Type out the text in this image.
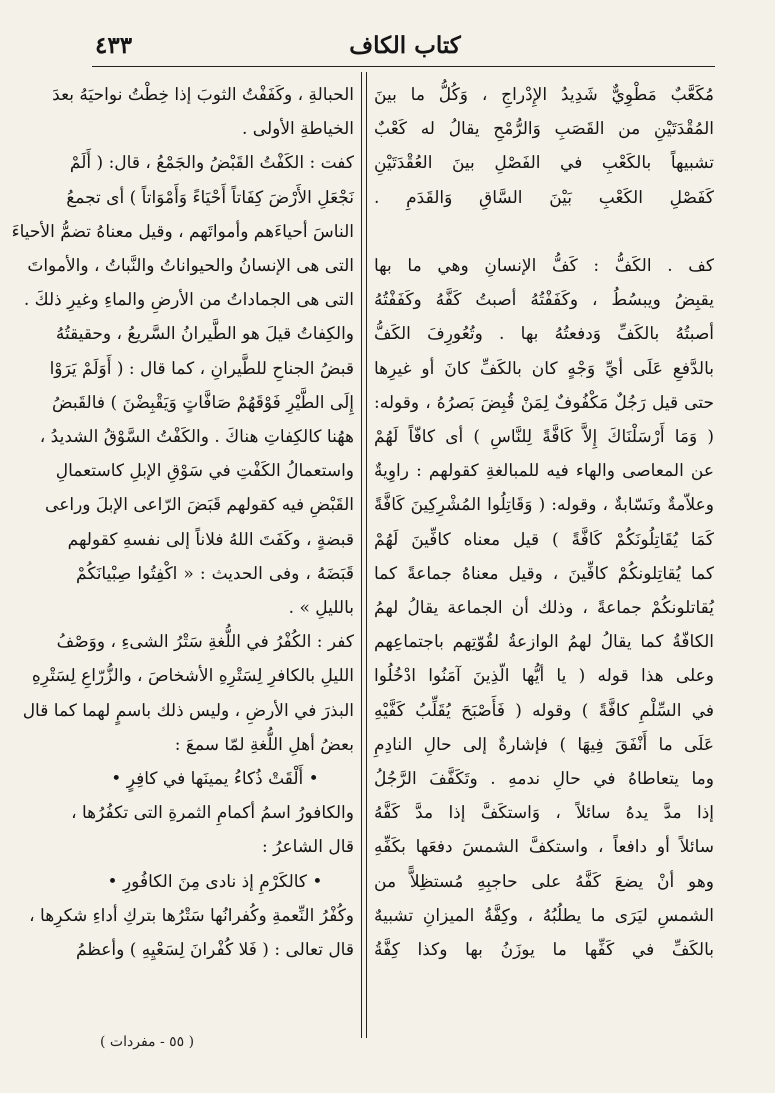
كتاب الكاف
٤٣٣
مُكَعَّبٌ مَطْوِيٌّ شَدِيدُ الإِدْراجِ ، وَكُلُّ ما بينَ
المُقْدَتَيْنِ من القَصَبِ وَالرُّمْحِ يقالُ له كَعْبٌ
تشبيهاً بالكَعْبِ في الفَصْلِ بينَ العُقْدَتَيْنِ
كَفَصْلِ الكَعْبِ بَيْنَ السَّاقِ وَالقَدَمِ .

كف . الكَفُّ : كَفُّ الإنسانِ وهي ما بها
يقبِضُ ويبسُطُ ، وكَفَفْتُهُ أصبتُ كَفَّهُ وكَفَفْتُهُ
أصبتُهُ بالكَفِّ وَدفعتُهُ بها . وتُعُورِفَ الكَفُّ
بالدَّفعِ عَلَى أيِّ وَجْهٍ كان بالكَفِّ كانَ أو غيرِها
حتى قيل رَجُلٌ مَكْفُوفٌ لِمَنْ قُبِضَ بَصرُهُ ، وقوله:
( وَمَا أَرْسَلْنَاكَ إِلاَّ كَافَّةً لِلنَّاسِ ) أى كافّاً لَهُمْ
عن المعاصى والهاء فيه للمبالغةِ كقولهم : راوِيةٌ
وعلاّمةٌ ونَسّابةٌ ، وقوله: ( وَقَاتِلُوا المُشْرِكِينَ كَافَّةً
كَمَا يُقَاتِلُونَكُمْ كَافَّةً ) قيل معناه كافِّينَ لَهُمْ
كما يُقاتِلونكُمْ كافِّينَ ، وقيل معناهُ جماعةً كما
يُقاتلونكُمْ جماعةً ، وذلك أن الجماعة يقالُ لهمُ
الكافّةُ كما يقالُ لهمُ الوازعةُ لقُوّتِهم باجتماعِهم
وعلى هذا قوله ( يا أيُّها الّذِينَ آمَنُوا ادْخُلُوا
في السِّلْمِ كافَّةً ) وقوله ( فَأَصْبَحَ يُقَلِّبُ كَفَّيْهِ
عَلَى ما أَنْفَقَ فِيهَا ) فإشارةٌ إلى حالِ النادِمِ
وما يتعاطاهُ في حالِ ندمهِ . وتَكَفَّفَ الرَّجُلُ
إذا مدَّ يدهُ سائلاً ، وَاستكَفَّ إذا مدَّ كَفَّهُ
سائلاً أو دافعاً ، واستكفَّ الشمسَ دفعَها بكَفِّهِ
وهو أنْ يضعَ كَفَّهُ على حاجبِهِ مُستظِلاًّ من
الشمسِ ليَرَى ما يطلُبُهُ ، وكِفَّةُ الميزانِ تشبيهٌ
بالكَفِّ في كَفِّها ما يوزَنُ بها وكذا كِفَّةُ
الحبالةِ ، وكَفَفْتُ الثوبَ إذا خِطْتُ نواحيَهُ بعدَ
الخياطةِ الأولى .
كفت : الكَفْتُ القَبْضُ والجَمْعُ ، قال: ( أَلَمْ
نَجْعَلِ الأَرْضَ كِفَاتاً أَحْيَاءً وَأَمْوَاتاً ) أى تجمعُ
الناسَ أحياءَهم وأمواتَهم ، وقيل معناهُ تضمُّ الأحياءَ
التى هى الإنسانُ والحيواناتُ والنَّباتُ ، والأمواتَ
التى هى الجماداتُ من الأرضِ والماءِ وغيرِ ذلكَ .
والكِفاتُ قيلَ هو الطَّيرانُ السَّريعُ ، وحقيقتُهُ
قبضُ الجناحِ للطَّيرانِ ، كما قال : ( أَوَلَمْ يَرَوْا
إِلَى الطَّيْرِ فَوْقَهُمْ صَافَّاتٍ وَيَقْبِضْنَ ) فالقَبضُ
ههُنا كالكِفاتِ هناكَ . والكَفْتُ السَّوْقُ الشديدُ ،
واستعمالُ الكَفْتِ في سَوْقِ الإبلِ كاستعمالِ
القَبْضِ فيه كقولهم قَبَضَ الرّاعى الإبلَ وراعى
قبضةٍ ، وكَفَتَ اللهُ فلاناً إلى نفسهِ كقولهم
قَبَضَهُ ، وفى الحديث : « اكْفِتُوا صِبْيانَكُمْ
بالليلِ » .
كفر : الكُفْرُ في اللُّغةِ سَتْرُ الشىءِ ، ووَصْفُ
الليلِ بالكافرِ لِسَتْرِهِ الأشخاصَ ، والزُّرّاعِ لِسَتْرِهِ
البذرَ في الأرضِ ، وليس ذلك باسمٍ لهما كما قال
بعضُ أهلِ اللُّغةِ لمّا سمعَ :
• أَلْقَتْ ذُكاءُ يمينَها في كافِرٍ •
والكافورُ اسمُ أكمامِ الثمرةِ التى تكفُرُها ،
قال الشاعرُ :
• كالكَرْمِ إذ نادى مِنَ الكافُورِ •
وكُفْرُ النِّعمةِ وكُفرانُها سَتْرُها بتركِ أداءِ شكرِها ،
قال تعالى : ( فَلا كُفْرانَ لِسَعْيِهِ ) وأعظمُ
( ٥٥ - مفردات )
